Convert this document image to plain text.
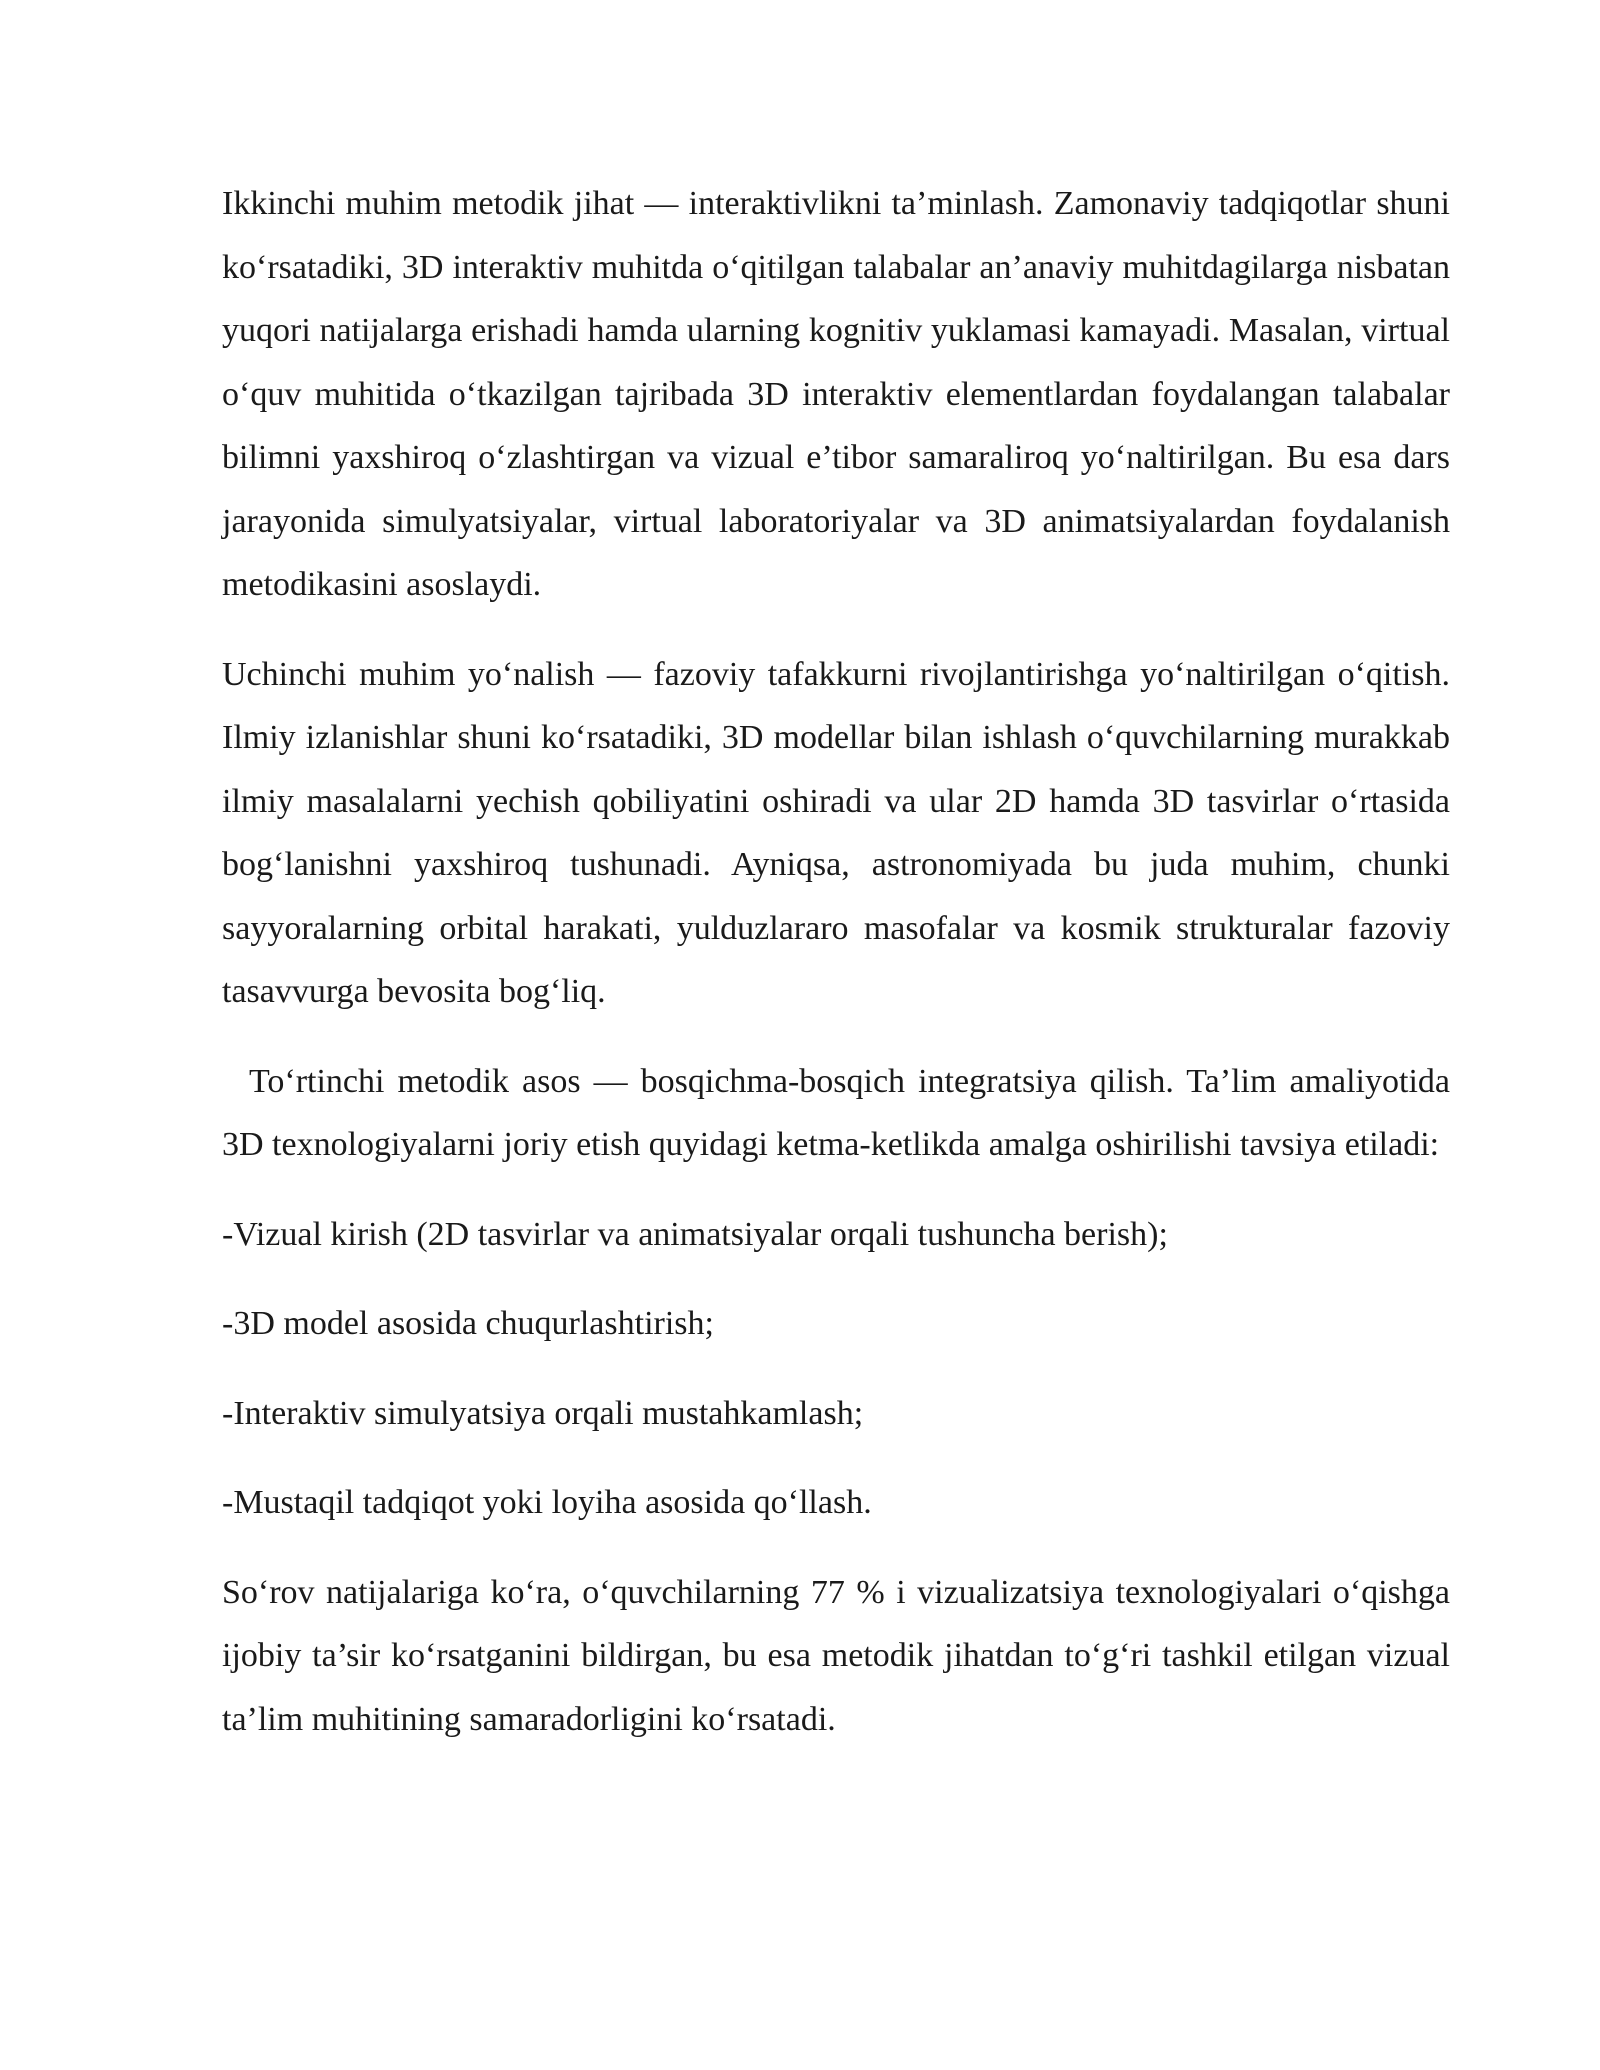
Ikkinchi muhim metodik jihat — interaktivlikni ta’minlash. Zamonaviy tadqiqotlar shuni koʻrsatadiki, 3D interaktiv muhitda oʻqitilgan talabalar an’anaviy muhitdagilarga nisbatan yuqori natijalarga erishadi hamda ularning kognitiv yuklamasi kamayadi. Masalan, virtual oʻquv muhitida oʻtkazilgan tajribada 3D interaktiv elementlardan foydalangan talabalar bilimni yaxshiroq oʻzlashtirgan va vizual e’tibor samaraliroq yoʻnaltirilgan. Bu esa dars jarayonida simulyatsiyalar, virtual laboratoriyalar va 3D animatsiyalardan foydalanish metodikasini asoslaydi.

Uchinchi muhim yoʻnalish — fazoviy tafakkurni rivojlantirishga yoʻnaltirilgan oʻqitish. Ilmiy izlanishlar shuni koʻrsatadiki, 3D modellar bilan ishlash oʻquvchilarning murakkab ilmiy masalalarni yechish qobiliyatini oshiradi va ular 2D hamda 3D tasvirlar oʻrtasida bogʻlanishni yaxshiroq tushunadi. Ayniqsa, astronomiyada bu juda muhim, chunki sayyoralarning orbital harakati, yulduzlararo masofalar va kosmik strukturalar fazoviy tasavvurga bevosita bogʻliq.

Toʻrtinchi metodik asos — bosqichma-bosqich integratsiya qilish. Ta’lim amaliyotida 3D texnologiyalarni joriy etish quyidagi ketma-ketlikda amalga oshirilishi tavsiya etiladi:

-Vizual kirish (2D tasvirlar va animatsiyalar orqali tushuncha berish);

-3D model asosida chuqurlashtirish;

-Interaktiv simulyatsiya orqali mustahkamlash;

-Mustaqil tadqiqot yoki loyiha asosida qoʻllash.

Soʻrov natijalariga koʻra, oʻquvchilarning 77 % i vizualizatsiya texnologiyalari oʻqishga ijobiy ta’sir koʻrsatganini bildirgan, bu esa metodik jihatdan toʻgʻri tashkil etilgan vizual ta’lim muhitining samaradorligini koʻrsatadi.
